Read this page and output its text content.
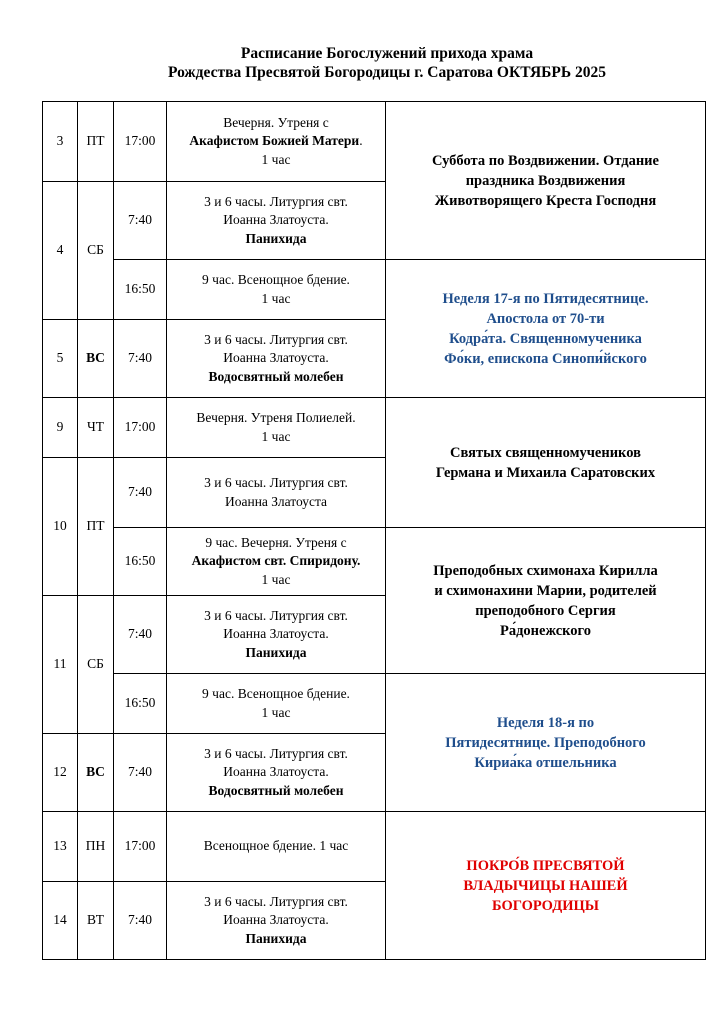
Расписание Богослужений прихода храма
Рождества Пресвятой Богородицы г. Саратова ОКТЯБРЬ 2025
3	ПТ	17:00	Вечерня. Утреня с
Акафистом Божией Матери.
1 час	Суббота по Воздвижении. Отдание
праздника Воздвижения
Животворящего Креста Господня

4	СБ	7:40	3 и 6 часы. Литургия свт.
Иоанна Златоуста.
Панихида	

		16:50	9 час. Всенощное бдение.
1 час	Неделя 17-я по Пятидесятнице.
Апостола от 70-ти
Кодра́та. Священномученика
Фо́ки, епископа Синопи́йского

5	ВС	7:40	3 и 6 часы. Литургия свт.
Иоанна Златоуста.
Водосвятный молебен	

9	ЧТ	17:00	Вечерня. Утреня Полиелей.
1 час	Святых священномучеников
Германа и Михаила Саратовских

10	ПТ	7:40	3 и 6 часы. Литургия свт.
Иоанна Златоуста	

		16:50	9 час. Вечерня. Утреня с
Акафистом свт. Спиридону.
1 час	Преподобных схимонаха Кирилла
и схимонахини Марии, родителей
преподобного Сергия
Ра́донежского

11	СБ	7:40	3 и 6 часы. Литургия свт.
Иоанна Златоуста.
Панихида	

		16:50	9 час. Всенощное бдение.
1 час	Неделя 18-я по
Пятидесятнице. Преподобного
Кириа́ка отшельника

12	ВС	7:40	3 и 6 часы. Литургия свт.
Иоанна Златоуста.
Водосвятный молебен	

13	ПН	17:00	Всенощное бдение. 1 час	ПОКРО́В ПРЕСВЯТОЙ
ВЛАДЫЧИЦЫ НАШЕЙ
БОГОРОДИЦЫ

14	ВТ	7:40	3 и 6 часы. Литургия свт.
Иоанна Златоуста.
Панихида	
